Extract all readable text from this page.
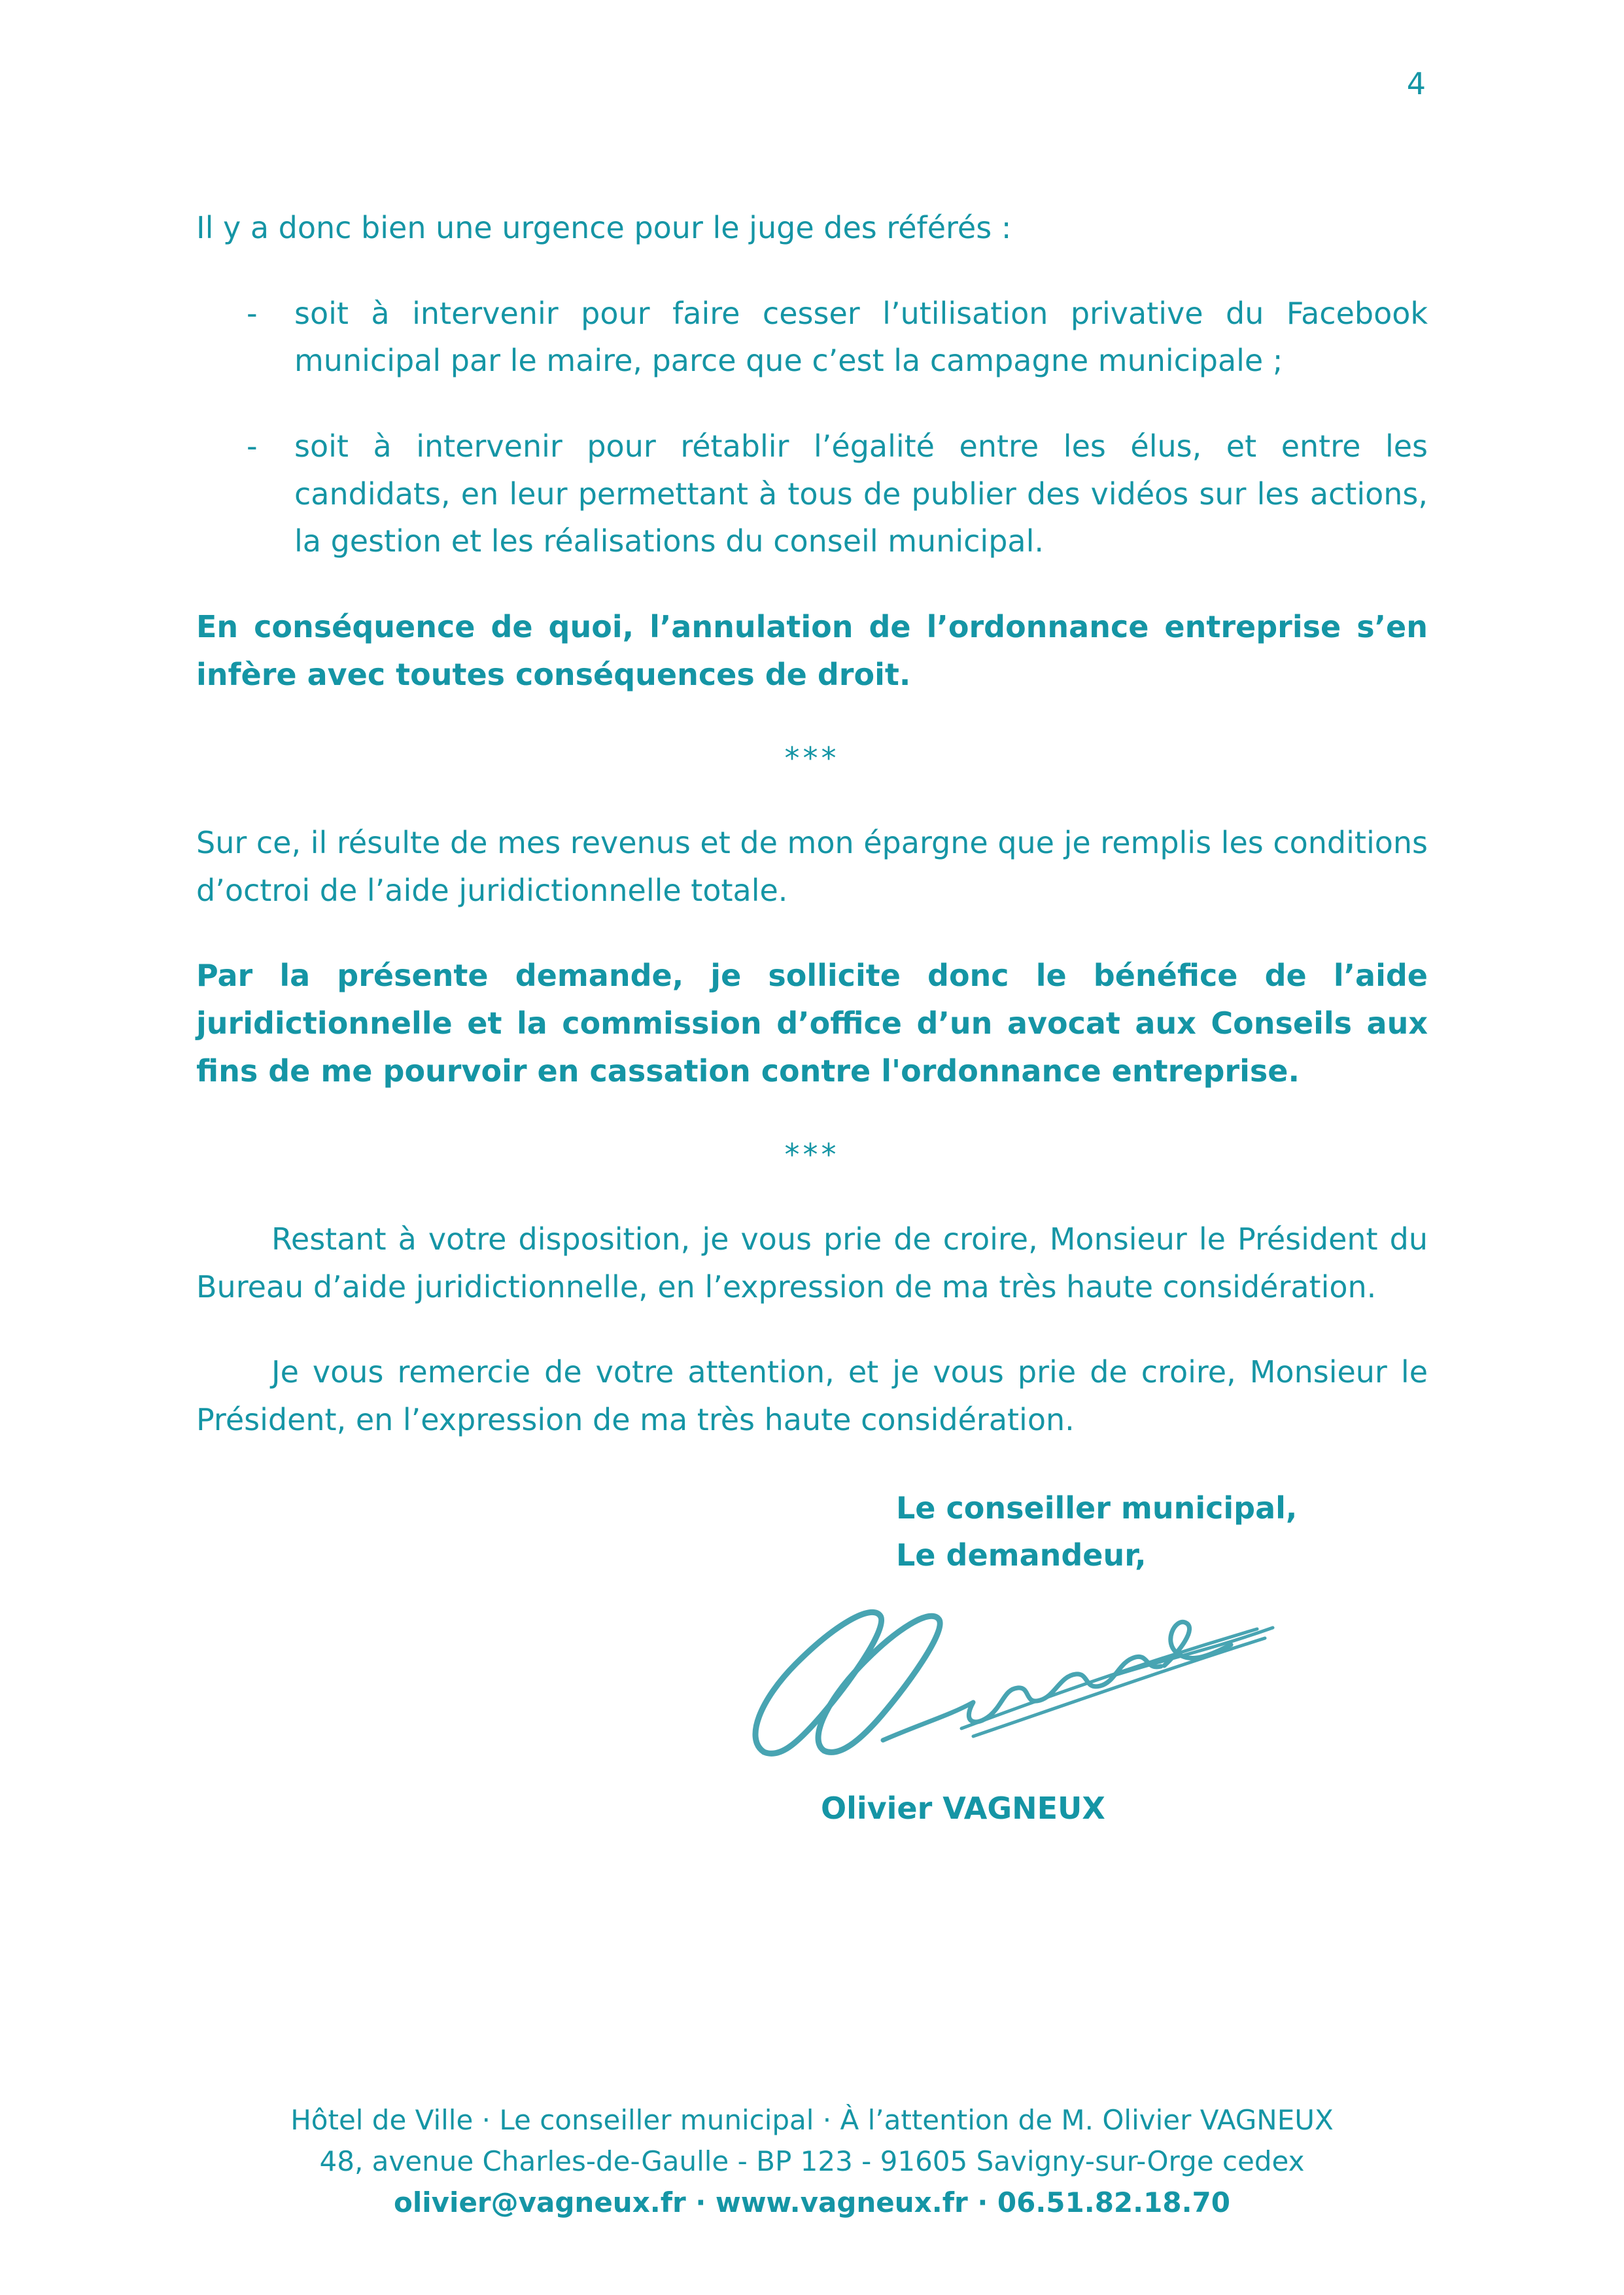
4

Il y a donc bien une urgence pour le juge des référés :

-	soit à intervenir pour faire cesser l’utilisation privative du Facebook municipal par le maire, parce que c’est la campagne municipale ;
-	soit à intervenir pour rétablir l’égalité entre les élus, et entre les candidats, en leur permettant à tous de publier des vidéos sur les actions, la gestion et les réalisations du conseil municipal.

En conséquence de quoi, l’annulation de l’ordonnance entreprise s’en infère avec toutes conséquences de droit.

***

Sur ce, il résulte de mes revenus et de mon épargne que je remplis les conditions d’octroi de l’aide juridictionnelle totale.

Par la présente demande, je sollicite donc le bénéfice de l’aide juridictionnelle et la commission d’office d’un avocat aux Conseils aux fins de me pourvoir en cassation contre l'ordonnance entreprise.

***

Restant à votre disposition, je vous prie de croire, Monsieur le Président du Bureau d’aide juridictionnelle, en l’expression de ma très haute considération.

Je vous remercie de votre attention, et je vous prie de croire, Monsieur le Président, en l’expression de ma très haute considération.

Le conseiller municipal,

Le demandeur,

Olivier VAGNEUX

Hôtel de Ville · Le conseiller municipal · À l’attention de M. Olivier VAGNEUX

48, avenue Charles-de-Gaulle - BP 123 - 91605 Savigny-sur-Orge cedex

olivier@vagneux.fr · www.vagneux.fr · 06.51.82.18.70
